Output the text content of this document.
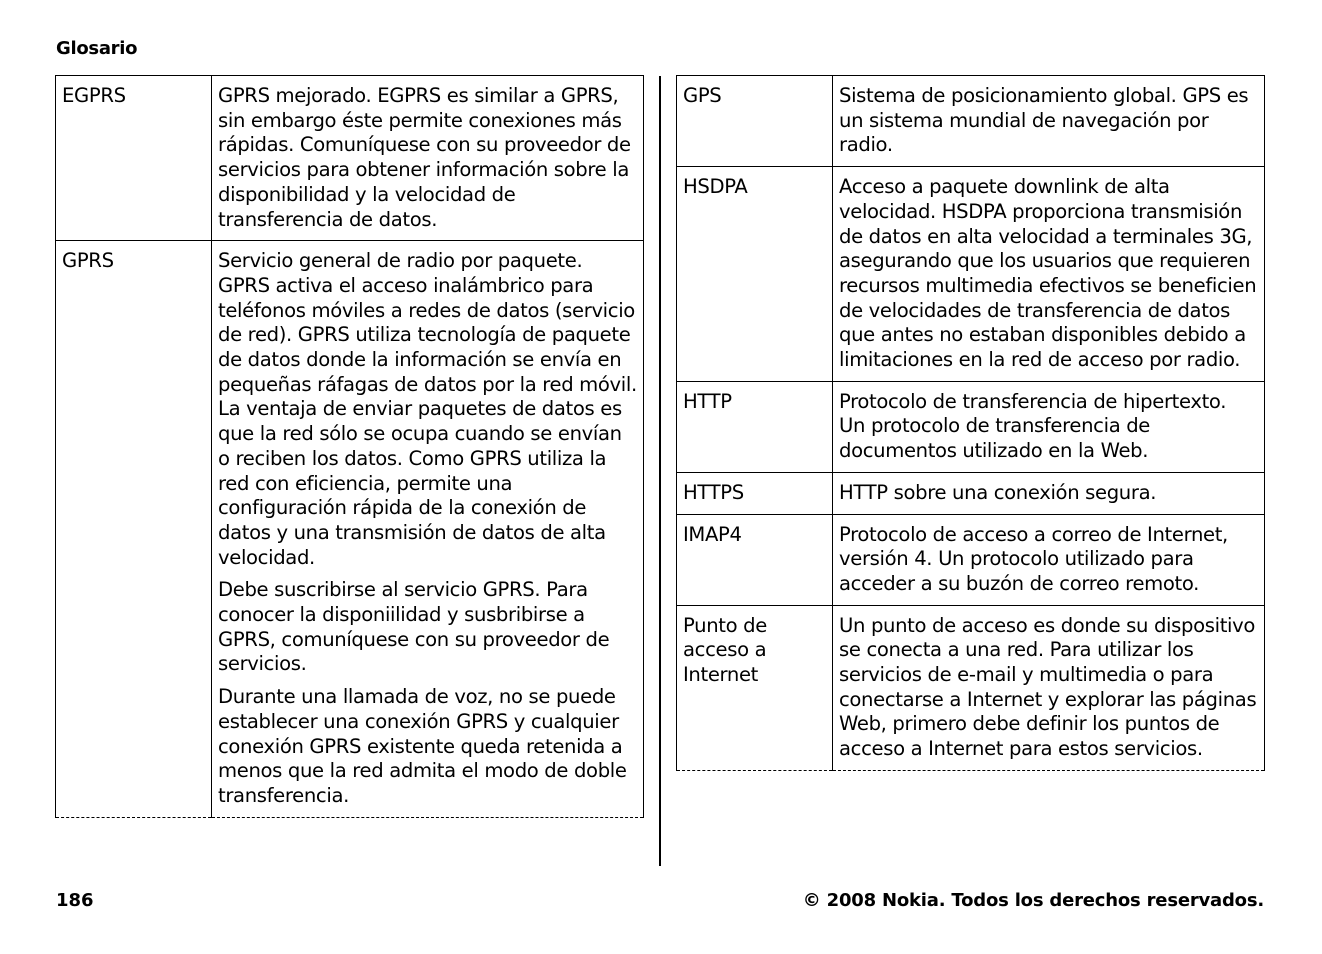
Glosario
EGPRS	GPRS mejorado. EGPRS es similar a GPRS, sin embargo éste permite conexiones más rápidas. Comuníquese con su proveedor de servicios para obtener información sobre la disponibilidad y la velocidad de transferencia de datos.

GPRS	Servicio general de radio por paquete. GPRS activa el acceso inalámbrico para teléfonos móviles a redes de datos (servicio de red). GPRS utiliza tecnología de paquete de datos donde la información se envía en pequeñas ráfagas de datos por la red móvil. La ventaja de enviar paquetes de datos es que la red sólo se ocupa cuando se envían o reciben los datos. Como GPRS utiliza la red con eficiencia, permite una configuración rápida de la conexión de datos y una transmisión de datos de alta velocidad.

Debe suscribirse al servicio GPRS. Para conocer la disponiilidad y susbribirse a GPRS, comuníquese con su proveedor de servicios.

Durante una llamada de voz, no se puede establecer una conexión GPRS y cualquier conexión GPRS existente queda retenida a menos que la red admita el modo de doble transferencia.

GPS	Sistema de posicionamiento global. GPS es un sistema mundial de navegación por radio.

HSDPA	Acceso a paquete downlink de alta velocidad. HSDPA proporciona transmisión de datos en alta velocidad a terminales 3G, asegurando que los usuarios que requieren recursos multimedia efectivos se beneficien de velocidades de transferencia de datos que antes no estaban disponibles debido a limitaciones en la red de acceso por radio.

HTTP	Protocolo de transferencia de hipertexto. Un protocolo de transferencia de documentos utilizado en la Web.

HTTPS	HTTP sobre una conexión segura.

IMAP4	Protocolo de acceso a correo de Internet, versión 4. Un protocolo utilizado para acceder a su buzón de correo remoto.

Punto de acceso a Internet	Un punto de acceso es donde su dispositivo se conecta a una red. Para utilizar los servicios de e-mail y multimedia o para conectarse a Internet y explorar las páginas Web, primero debe definir los puntos de acceso a Internet para estos servicios.

186	© 2008 Nokia. Todos los derechos reservados.
